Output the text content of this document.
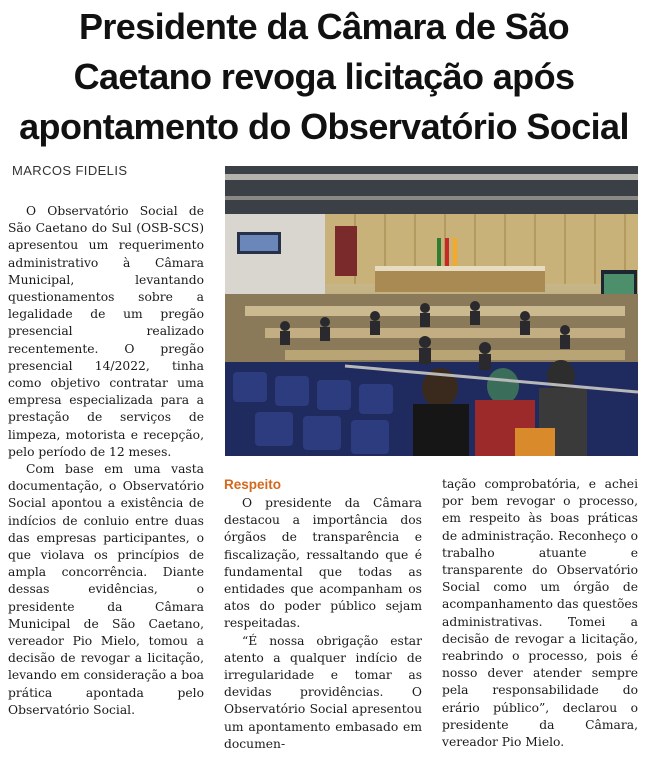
Presidente da Câmara de São
Caetano revoga licitação após
apontamento do Observatório Social
MARCOS FIDELIS

O Observatório Social de São Caetano do Sul (OSB-SCS) apresentou um requerimento administrativo à Câmara Municipal, levantando questionamentos sobre a legalidade de um pregão presencial realizado recentemente. O pregão presencial 14/2022, tinha como objetivo contratar uma empresa especializada para a prestação de serviços de limpeza, motorista e recepção, pelo período de 12 meses.

Com base em uma vasta documentação, o Observatório Social apontou a existência de indícios de conluio entre duas das empresas participantes, o que violava os princípios de ampla concorrência. Diante dessas evidências, o presidente da Câmara Municipal de São Caetano, vereador Pio Mielo, tomou a decisão de revogar a licitação, levando em consideração a boa prática apontada pelo Observatório Social.

Respeito

O presidente da Câmara destacou a importância dos órgãos de transparência e fiscalização, ressaltando que é fundamental que todas as entidades que acompanham os atos do poder público sejam respeitadas.

“É nossa obrigação estar atento a qualquer indício de irregularidade e tomar as devidas providências. O Observatório Social apresentou um apontamento embasado em documen-

tação comprobatória, e achei por bem revogar o processo, em respeito às boas práticas de administração. Reconheço o trabalho atuante e transparente do Observatório Social como um órgão de acompanhamento das questões administrativas. Tomei a decisão de revogar a licitação, reabrindo o processo, pois é nosso dever atender sempre pela responsabilidade do erário público”, declarou o presidente da Câmara, vereador Pio Mielo.
